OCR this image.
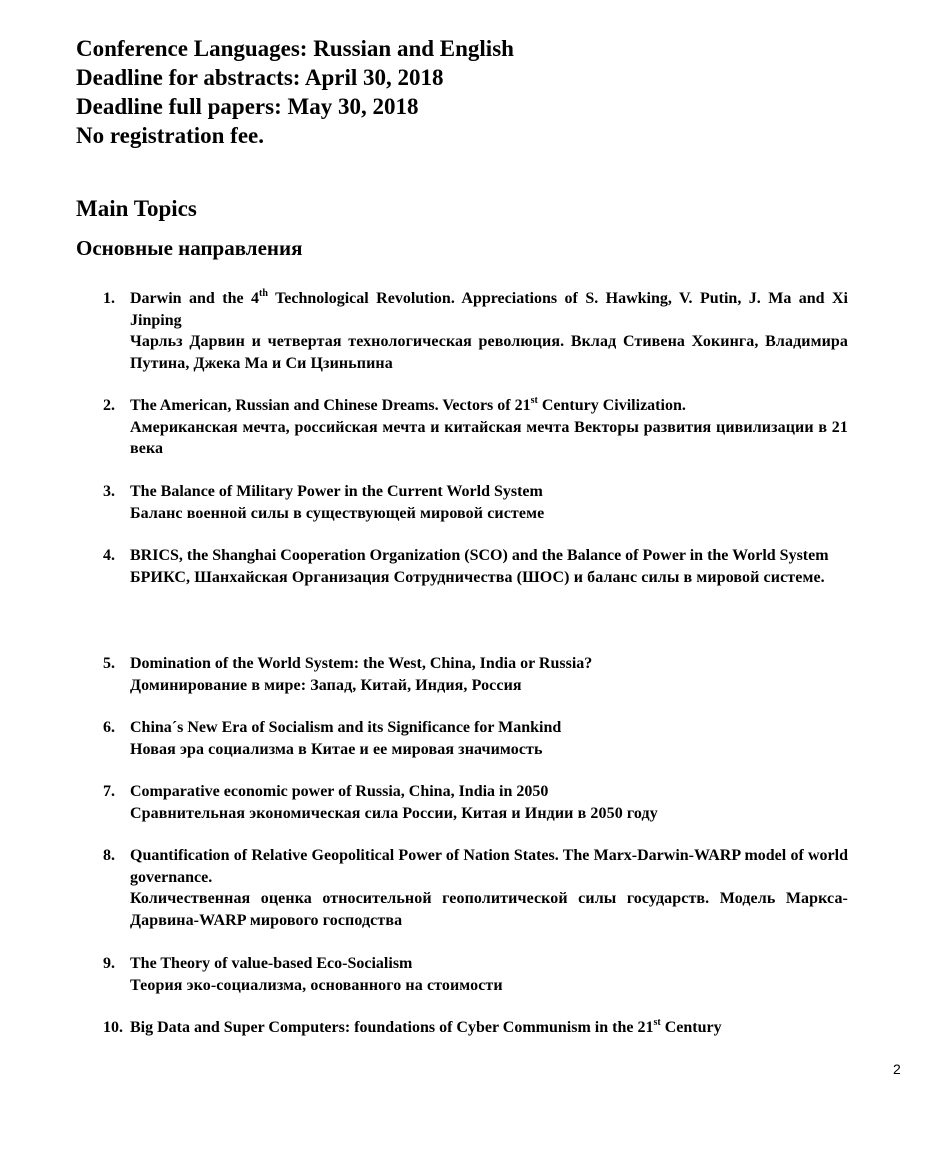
Conference Languages: Russian and English

Deadline for abstracts: April 30, 2018

Deadline full papers: May 30, 2018

No registration fee.

Main Topics
Основные направления
1. Darwin and the 4th Technological Revolution. Appreciations of S. Hawking, V. Putin, J. Ma and Xi Jinping
Чарльз Дарвин и четвертая технологическая революция. Вклад Стивена Хокинга, Владимира Путина, Джека Ма и Си Цзиньпина
2. The American, Russian and Chinese Dreams. Vectors of 21st Century Civilization.
Американская мечта, российская мечта и китайская мечта Векторы развития цивилизации в 21 века
3. The Balance of Military Power in the Current World System
Баланс военной силы в существующей мировой системе
4. BRICS, the Shanghai Cooperation Organization (SCO) and the Balance of Power in the World System
БРИКС, Шанхайская Организация Сотрудничества (ШОС) и баланс силы в мировой системе.
5. Domination of the World System: the West, China, India or Russia?
Доминирование в мире: Запад, Китай, Индия, Россия
6. China´s New Era of Socialism and its Significance for Mankind
Новая эра социализма в Китае и ее мировая значимость
7. Comparative economic power of Russia, China, India in 2050
Сравнительная экономическая сила России, Китая и Индии в 2050 году
8. Quantification of Relative Geopolitical Power of Nation States. The Marx-Darwin-WARP model of world governance.
Количественная оценка относительной геополитической силы государств. Модель Маркса-Дарвина-WARP мирового господства
9. The Theory of value-based Eco-Socialism
Теория эко-социализма, основанного на стоимости
10. Big Data and Super Computers: foundations of Cyber Communism in the 21st Century
2
